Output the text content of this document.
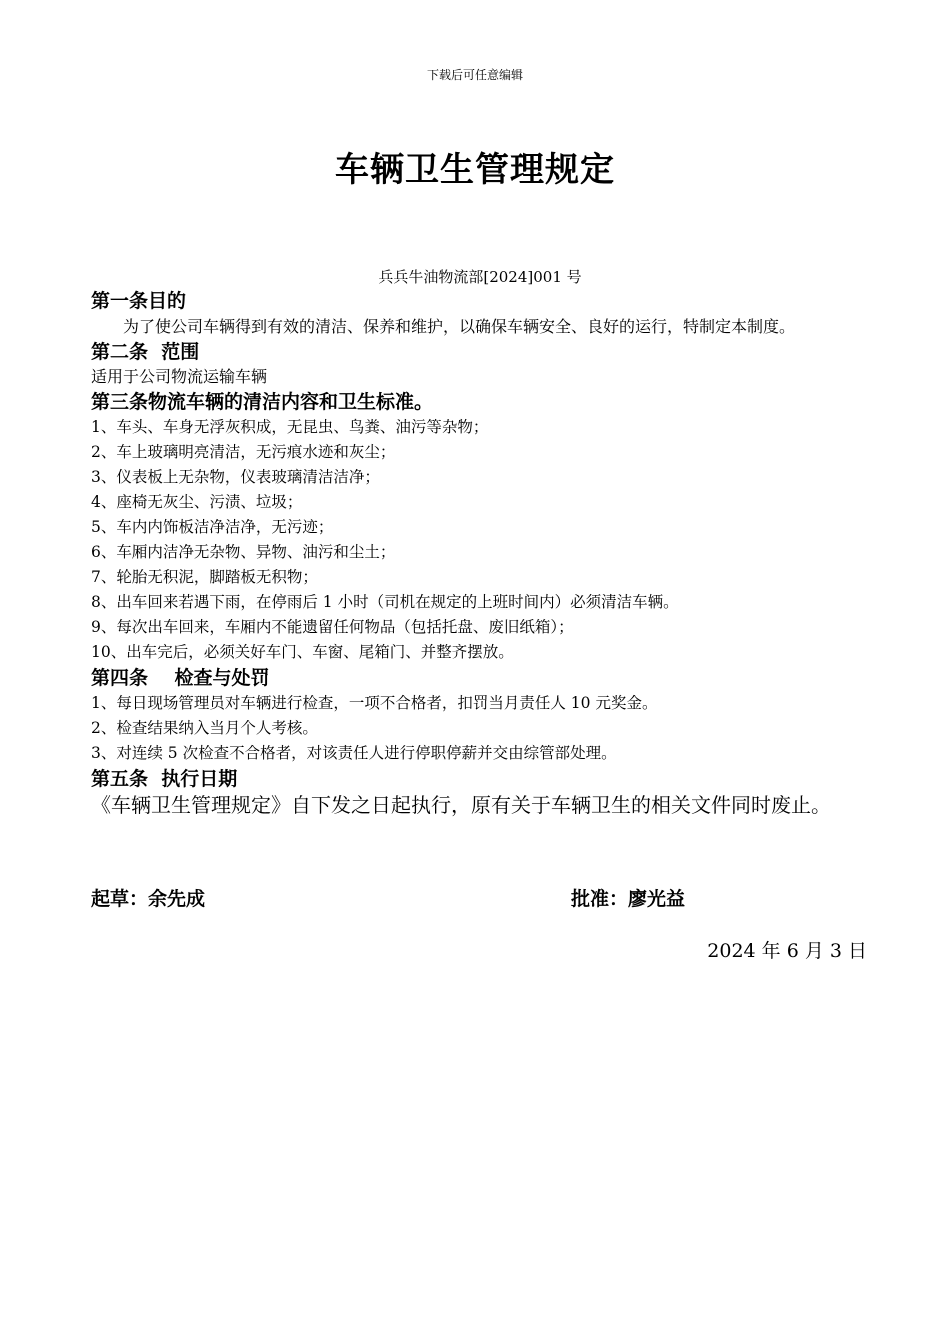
下载后可任意编辑
车辆卫生管理规定
兵兵牛油物流部[2024]001 号

第一条目的

为了使公司车辆得到有效的清洁、保养和维护，以确保车辆安全、良好的运行，特制定本制度。

第二条  范围

适用于公司物流运输车辆

第三条物流车辆的清洁内容和卫生标准。

1、车头、车身无浮灰积成，无昆虫、鸟粪、油污等杂物；
2、车上玻璃明亮清洁，无污痕水迹和灰尘；
3、仪表板上无杂物，仪表玻璃清洁洁净；
4、座椅无灰尘、污渍、垃圾；
5、车内内饰板洁净洁净，无污迹；
6、车厢内洁净无杂物、异物、油污和尘土；
7、轮胎无积泥，脚踏板无积物；
8、出车回来若遇下雨，在停雨后 1 小时（司机在规定的上班时间内）必须清洁车辆。
9、每次出车回来，车厢内不能遗留任何物品（包括托盘、废旧纸箱）；
10、出车完后，必须关好车门、车窗、尾箱门、并整齐摆放。

第四条    检查与处罚

1、每日现场管理员对车辆进行检查，一项不合格者，扣罚当月责任人 10 元奖金。
2、检查结果纳入当月个人考核。
3、对连续 5 次检查不合格者，对该责任人进行停职停薪并交由综管部处理。

第五条  执行日期

《车辆卫生管理规定》自下发之日起执行，原有关于车辆卫生的相关文件同时废止。

起草：余先成	批准：廖光益
2024 年 6 月 3 日
